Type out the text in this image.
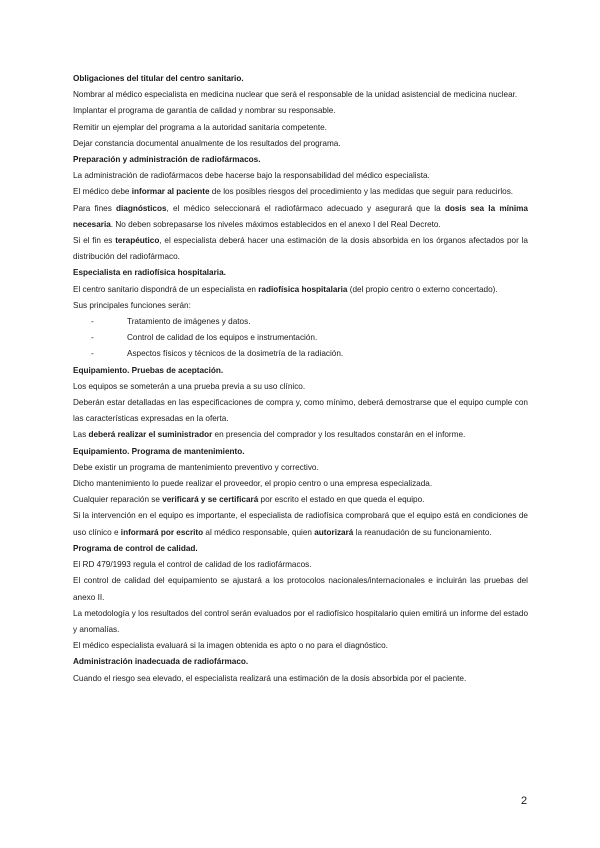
Obligaciones del titular del centro sanitario.

Nombrar al médico especialista en medicina nuclear que será el responsable de la unidad asistencial de medicina nuclear.

Implantar el programa de garantía de calidad y nombrar su responsable.

Remitir un ejemplar del programa a la autoridad sanitaria competente.

Dejar constancia documental anualmente de los resultados del programa.

Preparación y administración de radiofármacos.

La administración de radiofármacos debe hacerse bajo la responsabilidad del médico especialista.

El médico debe informar al paciente de los posibles riesgos del procedimiento y las medidas que seguir para reducirlos.

Para fines diagnósticos, el médico seleccionará el radiofármaco adecuado y asegurará que la dosis sea la mínima necesaria. No deben sobrepasarse los niveles máximos establecidos en el anexo I del Real Decreto.

Si el fin es terapéutico, el especialista deberá hacer una estimación de la dosis absorbida en los órganos afectados por la distribución del radiofármaco.

Especialista en radiofísica hospitalaria.

El centro sanitario dispondrá de un especialista en radiofísica hospitalaria (del propio centro o externo concertado).

Sus principales funciones serán:

-	Tratamiento de imágenes y datos.
-	Control de calidad de los equipos e instrumentación.
-	Aspectos físicos y técnicos de la dosimetría de la radiación.

Equipamiento. Pruebas de aceptación.

Los equipos se someterán a una prueba previa a su uso clínico.

Deberán estar detalladas en las especificaciones de compra y, como mínimo, deberá demostrarse que el equipo cumple con las características expresadas en la oferta.

Las deberá realizar el suministrador en presencia del comprador y los resultados constarán en el informe.

Equipamiento. Programa de mantenimiento.

Debe existir un programa de mantenimiento preventivo y correctivo.

Dicho mantenimiento lo puede realizar el proveedor, el propio centro o una empresa especializada.

Cualquier reparación se verificará y se certificará por escrito el estado en que queda el equipo.

Si la intervención en el equipo es importante, el especialista de radiofísica comprobará que el equipo está en condiciones de uso clínico e informará por escrito al médico responsable, quien autorizará la reanudación de su funcionamiento.

Programa de control de calidad.

El RD 479/1993 regula el control de calidad de los radiofármacos.

El control de calidad del equipamiento se ajustará a los protocolos nacionales/internacionales e incluirán las pruebas del anexo II.

La metodología y los resultados del control serán evaluados por el radiofísico hospitalario quien emitirá un informe del estado y anomalías.

El médico especialista evaluará si la imagen obtenida es apto o no para el diagnóstico.

Administración inadecuada de radiofármaco.

Cuando el riesgo sea elevado, el especialista realizará una estimación de la dosis absorbida por el paciente.

2
